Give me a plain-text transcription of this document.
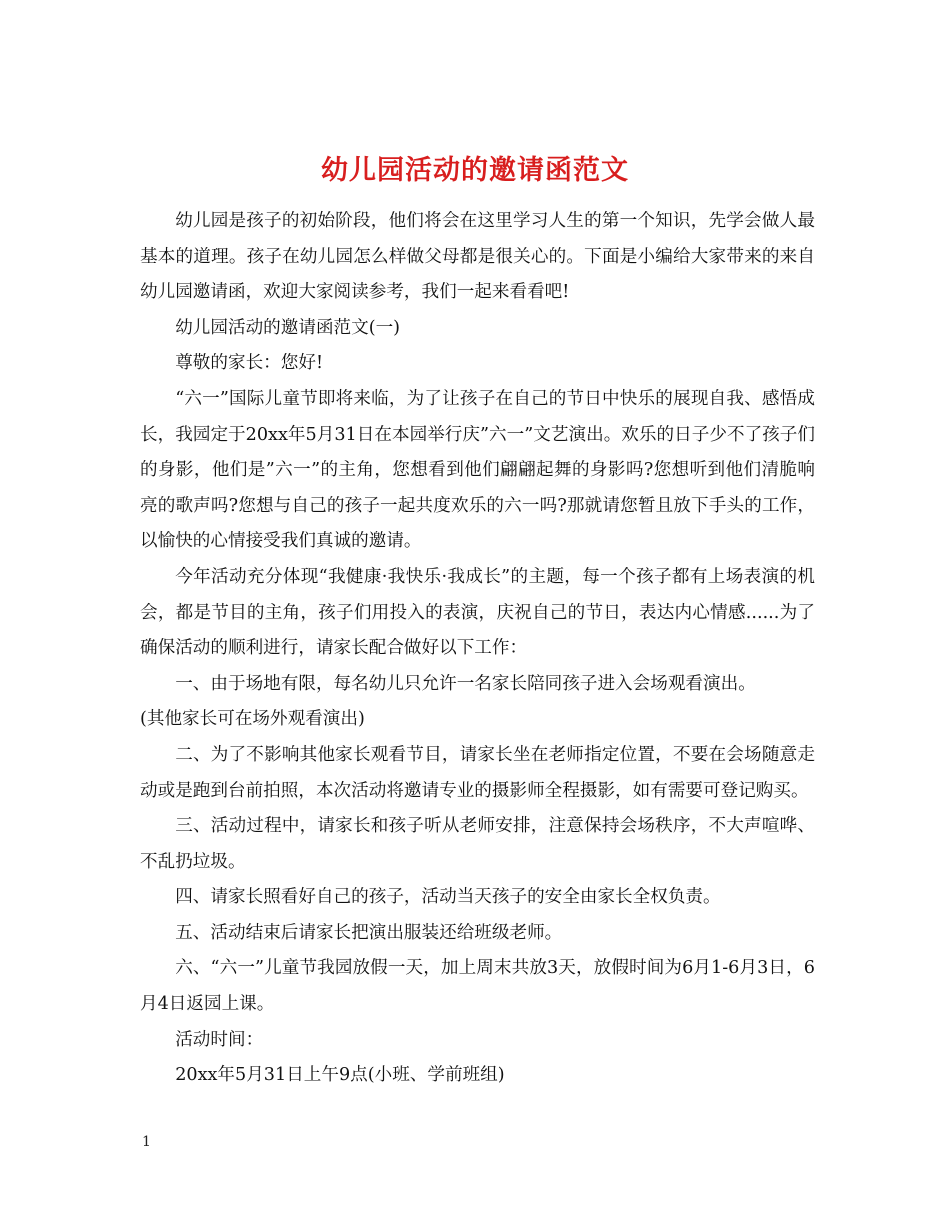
幼儿园活动的邀请函范文

幼儿园是孩子的初始阶段，他们将会在这里学习人生的第一个知识，先学会做人最基本的道理。孩子在幼儿园怎么样做父母都是很关心的。下面是小编给大家带来的来自幼儿园邀请函，欢迎大家阅读参考，我们一起来看看吧!

幼儿园活动的邀请函范文(一)

尊敬的家长：您好!

“六一”国际儿童节即将来临，为了让孩子在自己的节日中快乐的展现自我、感悟成长，我园定于20xx年5月31日在本园举行庆”六一”文艺演出。欢乐的日子少不了孩子们的身影，他们是”六一”的主角，您想看到他们翩翩起舞的身影吗?您想听到他们清脆响亮的歌声吗?您想与自己的孩子一起共度欢乐的六一吗?那就请您暂且放下手头的工作，以愉快的心情接受我们真诚的邀请。

今年活动充分体现“我健康·我快乐·我成长”的主题，每一个孩子都有上场表演的机会，都是节目的主角，孩子们用投入的表演，庆祝自己的节日，表达内心情感......为了确保活动的顺利进行，请家长配合做好以下工作：

一、由于场地有限，每名幼儿只允许一名家长陪同孩子进入会场观看演出。

(其他家长可在场外观看演出)

二、为了不影响其他家长观看节目，请家长坐在老师指定位置，不要在会场随意走动或是跑到台前拍照，本次活动将邀请专业的摄影师全程摄影，如有需要可登记购买。

三、活动过程中，请家长和孩子听从老师安排，注意保持会场秩序，不大声喧哗、不乱扔垃圾。

四、请家长照看好自己的孩子，活动当天孩子的安全由家长全权负责。

五、活动结束后请家长把演出服装还给班级老师。

六、“六一”儿童节我园放假一天，加上周末共放3天，放假时间为6月1-6月3日，6月4日返园上课。

活动时间：

20xx年5月31日上午9点(小班、学前班组)

1
